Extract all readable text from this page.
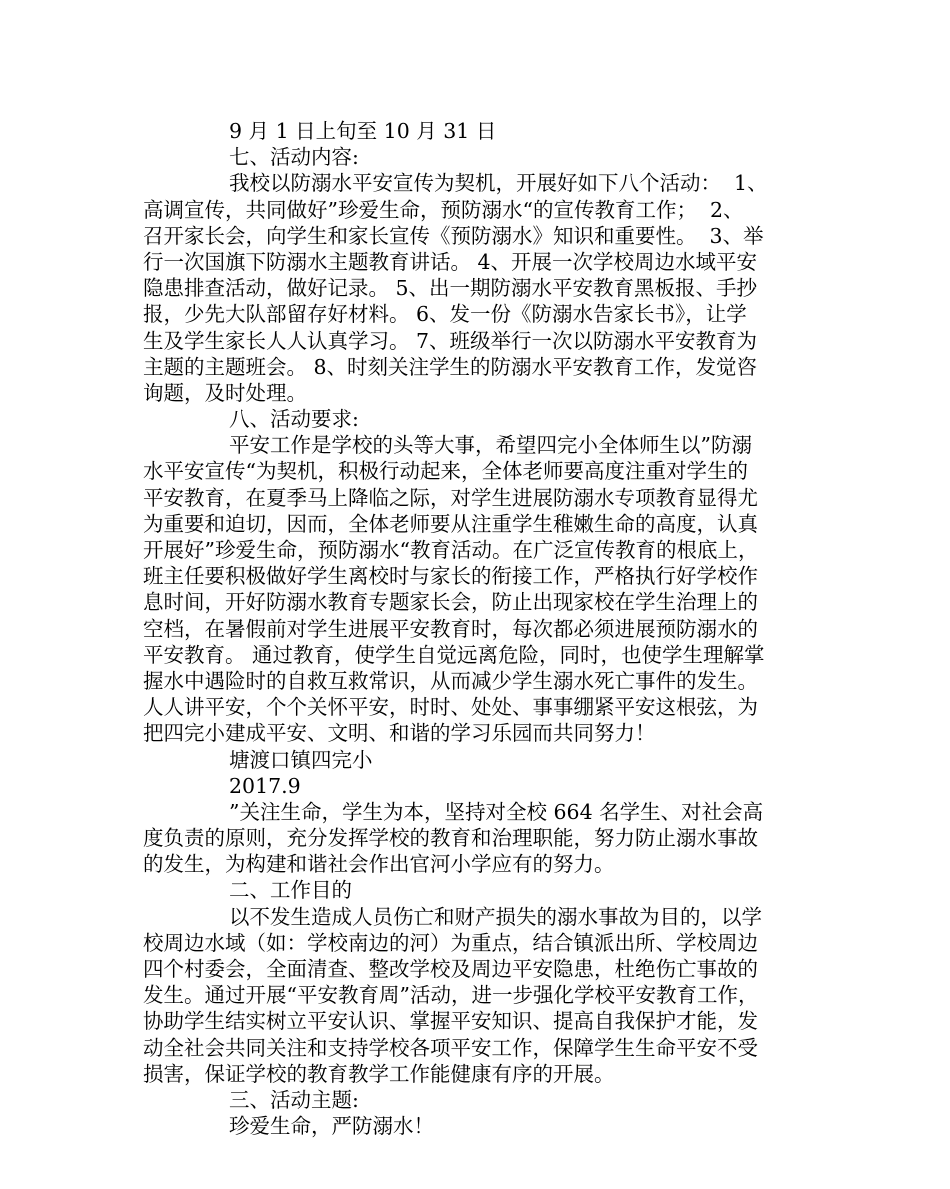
9 月 1 日上旬至 10 月 31 日
七、活动内容:
我校以防溺水平安宣传为契机，开展好如下八个活动：  1、
高调宣传，共同做好”珍爱生命，预防溺水“的宣传教育工作；  2、
召开家长会，向学生和家长宣传《预防溺水》知识和重要性。  3、举
行一次国旗下防溺水主题教育讲话。 4、开展一次学校周边水域平安
隐患排查活动，做好记录。 5、出一期防溺水平安教育黑板报、手抄
报，少先大队部留存好材料。 6、发一份《防溺水告家长书》，让学
生及学生家长人人认真学习。 7、班级举行一次以防溺水平安教育为
主题的主题班会。 8、时刻关注学生的防溺水平安教育工作，发觉咨
询题，及时处理。
八、活动要求:
平安工作是学校的头等大事，希望四完小全体师生以”防溺
水平安宣传“为契机，积极行动起来，全体老师要高度注重对学生的
平安教育，在夏季马上降临之际，对学生进展防溺水专项教育显得尤
为重要和迫切，因而，全体老师要从注重学生稚嫩生命的高度，认真
开展好”珍爱生命，预防溺水“教育活动。在广泛宣传教育的根底上，
班主任要积极做好学生离校时与家长的衔接工作，严格执行好学校作
息时间，开好防溺水教育专题家长会，防止出现家校在学生治理上的
空档，在暑假前对学生进展平安教育时，每次都必须进展预防溺水的
平安教育。 通过教育，使学生自觉远离危险，同时，也使学生理解掌
握水中遇险时的自救互救常识，从而减少学生溺水死亡事件的发生。
人人讲平安，个个关怀平安，时时、处处、事事绷紧平安这根弦，为
把四完小建成平安、文明、和谐的学习乐园而共同努力！
塘渡口镇四完小
2017.9
”关注生命，学生为本，坚持对全校 664 名学生、对社会高
度负责的原则，充分发挥学校的教育和治理职能，努力防止溺水事故
的发生，为构建和谐社会作出官河小学应有的努力。
二、工作目的
以不发生造成人员伤亡和财产损失的溺水事故为目的，以学
校周边水域（如：学校南边的河）为重点，结合镇派出所、学校周边
四个村委会，全面清查、整改学校及周边平安隐患，杜绝伤亡事故的
发生。通过开展“平安教育周”活动，进一步强化学校平安教育工作，
协助学生结实树立平安认识、掌握平安知识、提高自我保护才能，发
动全社会共同关注和支持学校各项平安工作，保障学生生命平安不受
损害，保证学校的教育教学工作能健康有序的开展。
三、活动主题:
珍爱生命，严防溺水！
